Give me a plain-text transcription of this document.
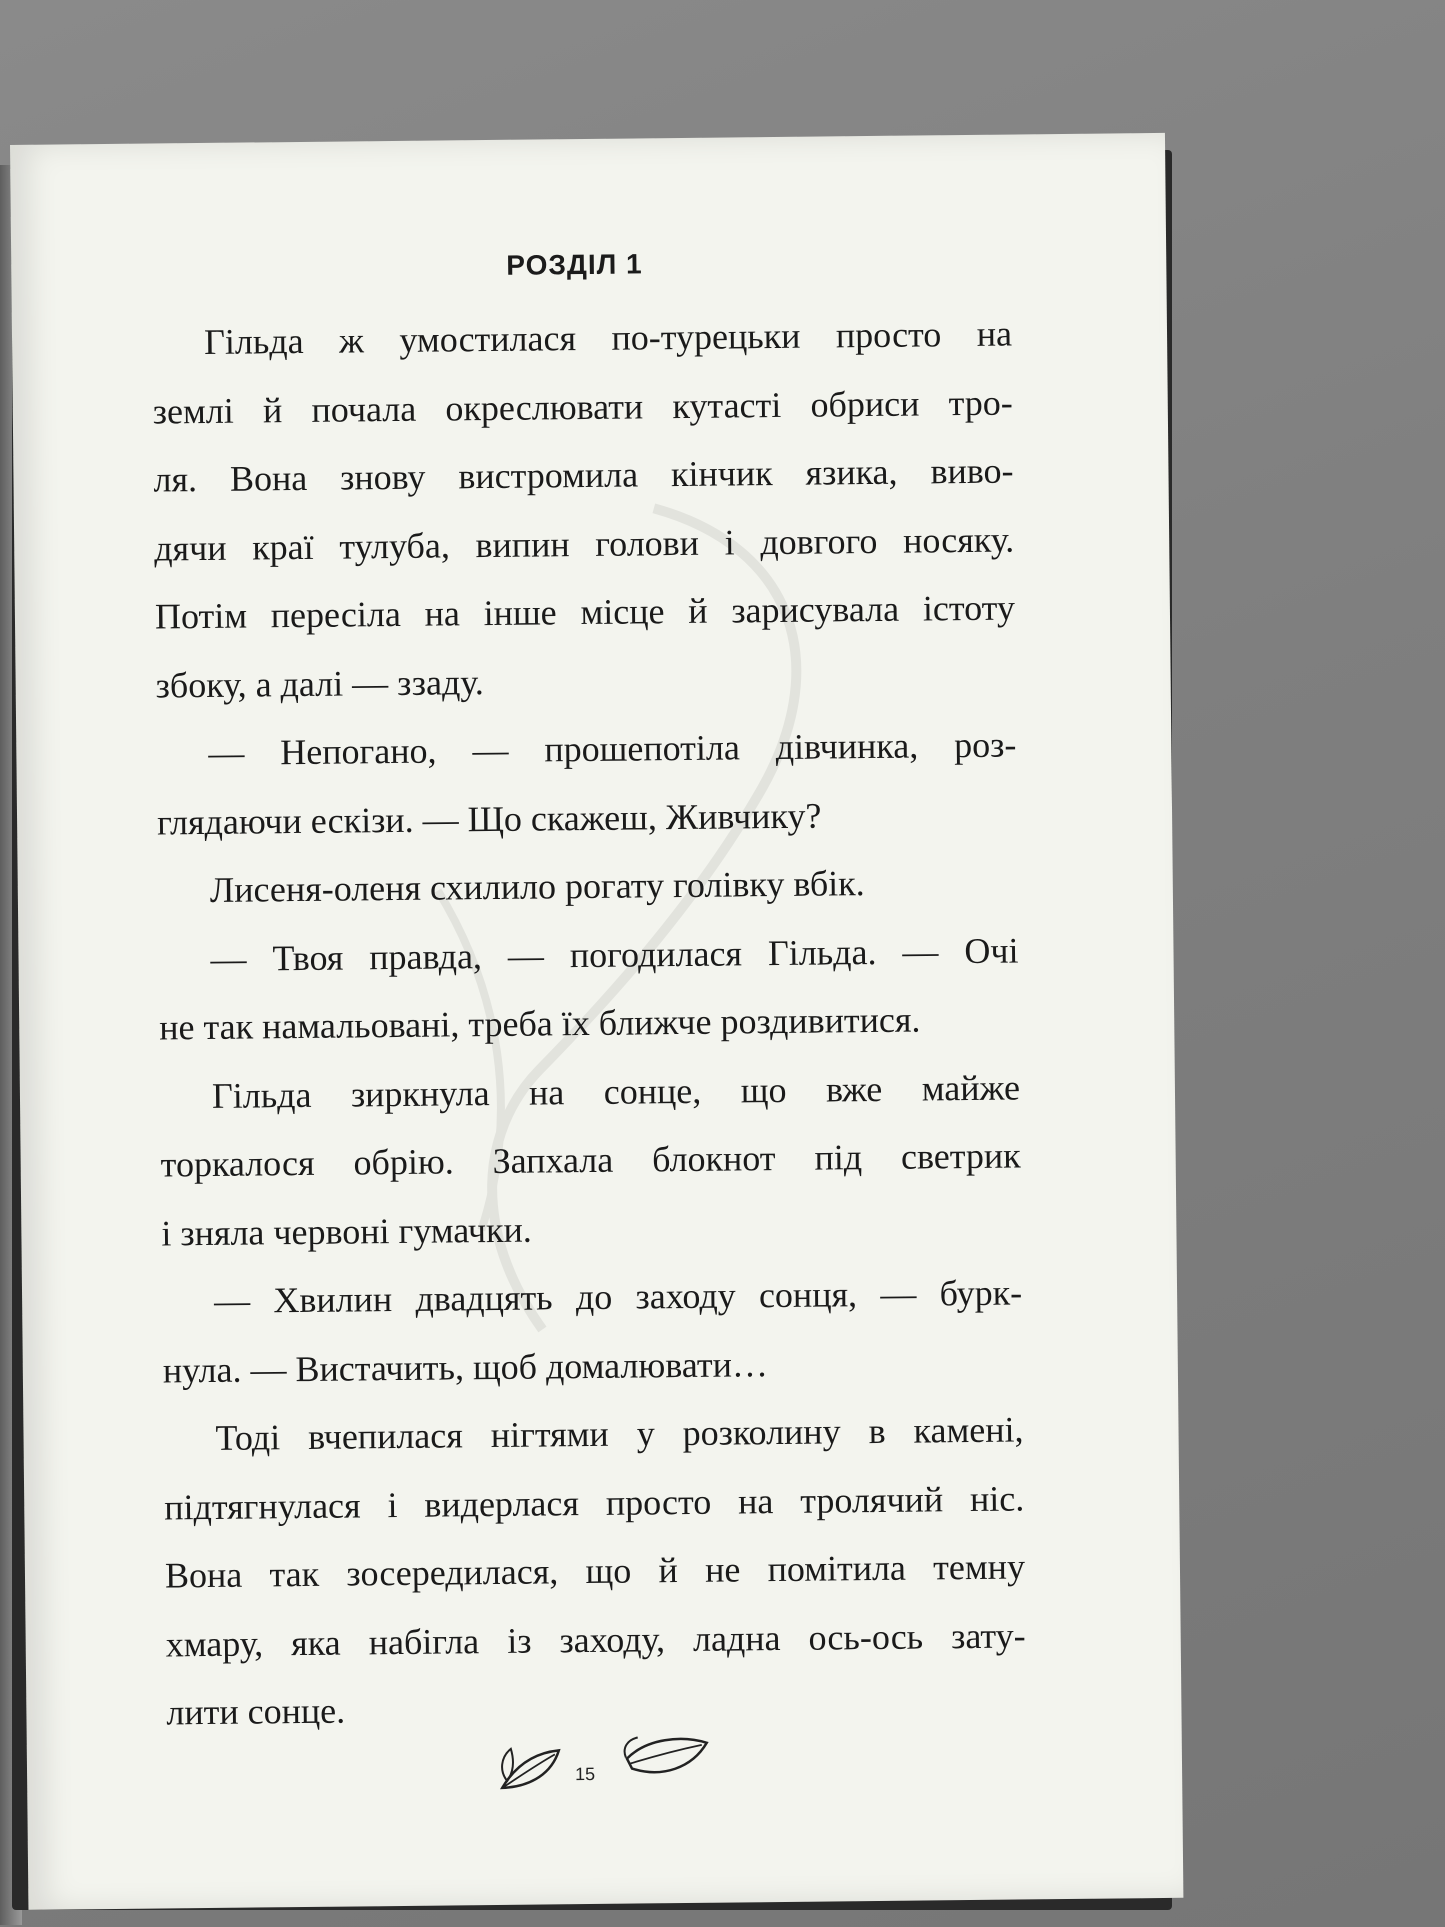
РОЗДІЛ 1
Гільда ж умостилася по-турецьки просто на
землі й почала окреслювати кутасті обриси тро-
ля. Вона знову вистромила кінчик язика, виво-
дячи краї тулуба, випин голови і довгого носяку.
Потім пересіла на інше місце й зарисувала істоту
збоку, а далі — ззаду.
— Непогано, — прошепотіла дівчинка, роз-
глядаючи ескізи. — Що скажеш, Живчику?
Лисеня-оленя схилило рогату голівку вбік.
— Твоя правда, — погодилася Гільда. — Очі
не так намальовані, треба їх ближче роздивитися.
Гільда зиркнула на сонце, що вже майже
торкалося обрію. Запхала блокнот під светрик
і зняла червоні гумачки.
— Хвилин двадцять до заходу сонця, — бурк-
нула. — Вистачить, щоб домалювати…
Тоді вчепилася нігтями у розколину в камені,
підтягнулася і видерлася просто на тролячий ніс.
Вона так зосередилася, що й не помітила темну
хмару, яка набігла із заходу, ладна ось-ось зату-
лити сонце.
15
